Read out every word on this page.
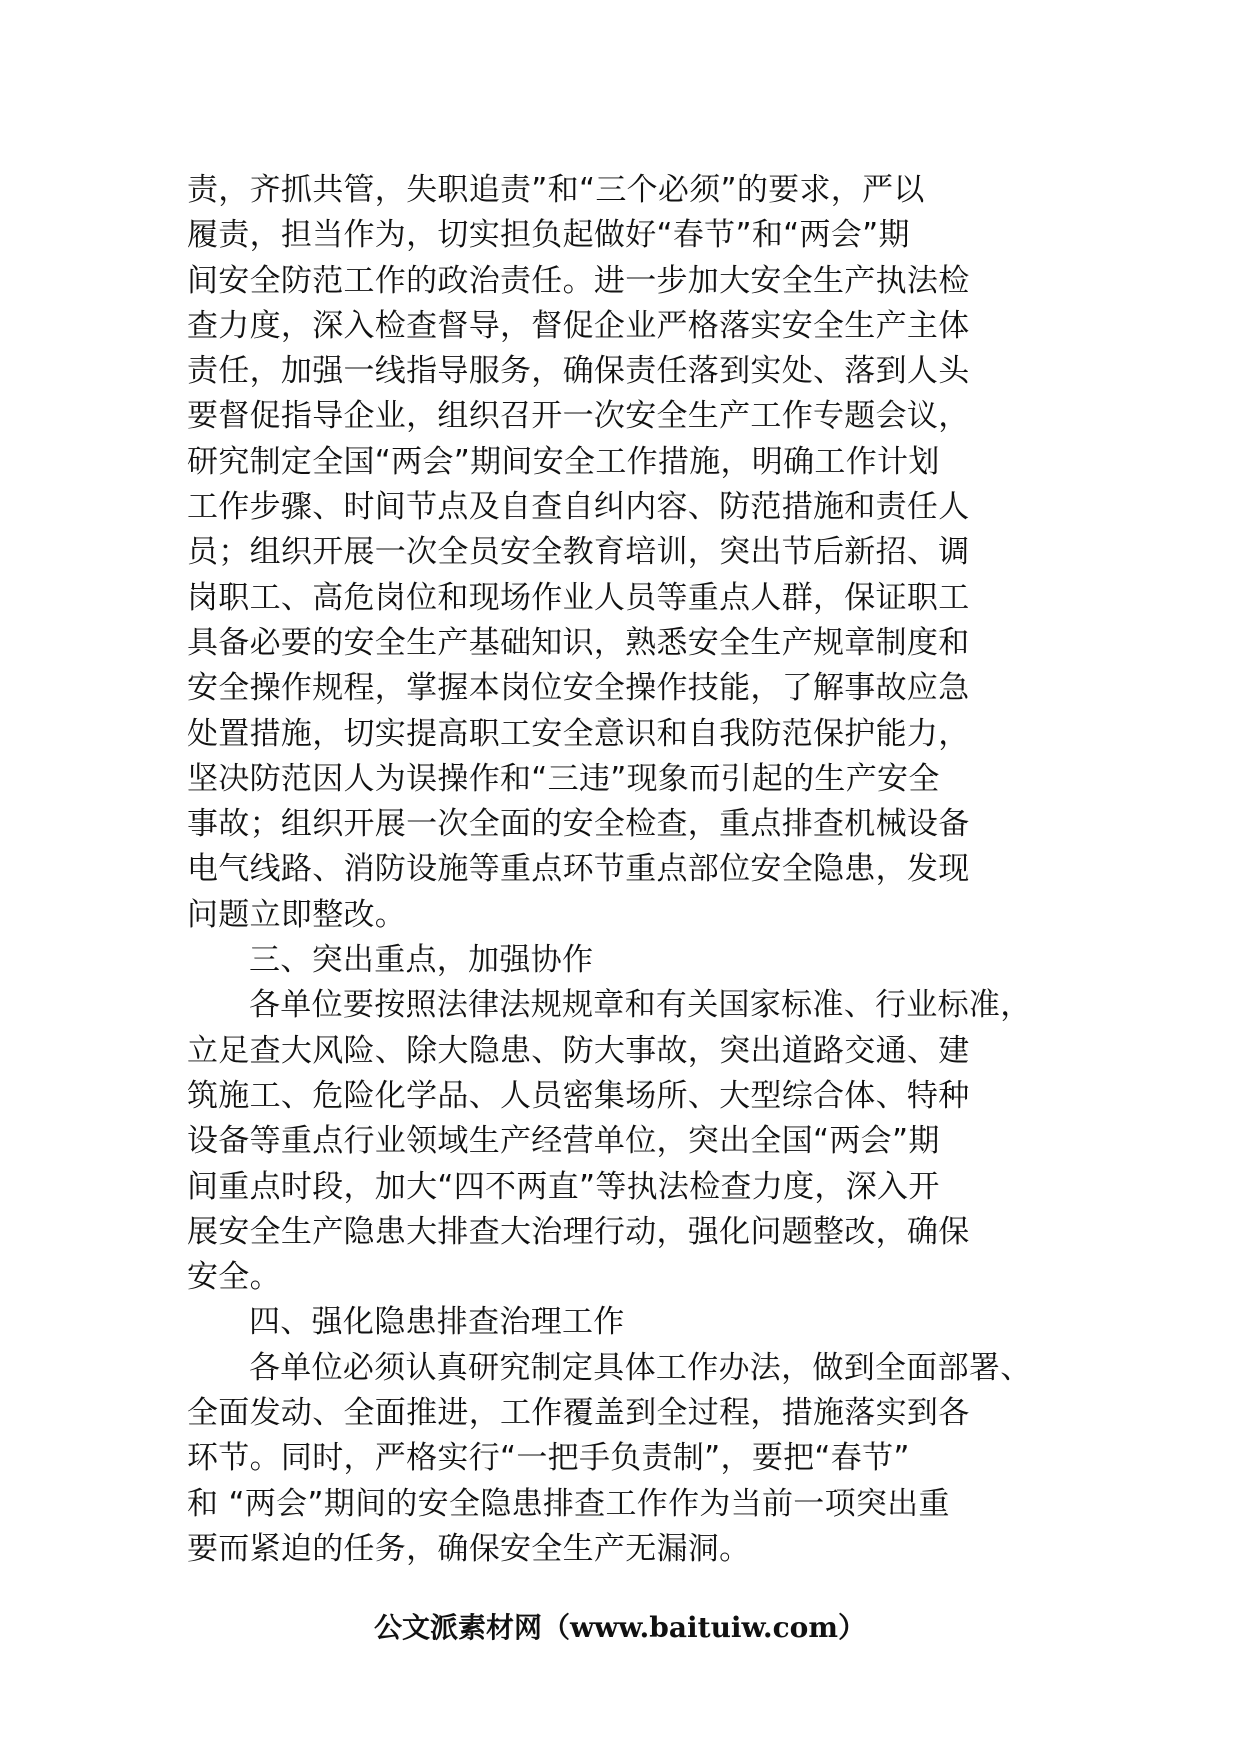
责，齐抓共管，失职追责”和“三个必须”的要求，严以
履责，担当作为，切实担负起做好“春节”和“两会”期
间安全防范工作的政治责任。进一步加大安全生产执法检
查力度，深入检查督导，督促企业严格落实安全生产主体
责任，加强一线指导服务，确保责任落到实处、落到人头
要督促指导企业，组织召开一次安全生产工作专题会议，
研究制定全国“两会”期间安全工作措施，明确工作计划
工作步骤、时间节点及自查自纠内容、防范措施和责任人
员；组织开展一次全员安全教育培训，突出节后新招、调
岗职工、高危岗位和现场作业人员等重点人群，保证职工
具备必要的安全生产基础知识，熟悉安全生产规章制度和
安全操作规程，掌握本岗位安全操作技能，了解事故应急
处置措施，切实提高职工安全意识和自我防范保护能力，
坚决防范因人为误操作和“三违”现象而引起的生产安全
事故；组织开展一次全面的安全检查，重点排查机械设备
电气线路、消防设施等重点环节重点部位安全隐患，发现
问题立即整改。
三、突出重点，加强协作
各单位要按照法律法规规章和有关国家标准、行业标准，
立足查大风险、除大隐患、防大事故，突出道路交通、建
筑施工、危险化学品、人员密集场所、大型综合体、特种
设备等重点行业领域生产经营单位，突出全国“两会”期
间重点时段，加大“四不两直”等执法检查力度，深入开
展安全生产隐患大排查大治理行动，强化问题整改，确保
安全。
四、强化隐患排查治理工作
各单位必须认真研究制定具体工作办法，做到全面部署、
全面发动、全面推进，工作覆盖到全过程，措施落实到各
环节。同时，严格实行“一把手负责制”，要把“春节”
和 “两会”期间的安全隐患排查工作作为当前一项突出重
要而紧迫的任务，确保安全生产无漏洞。
公文派素材网（www.baituiw.com）
